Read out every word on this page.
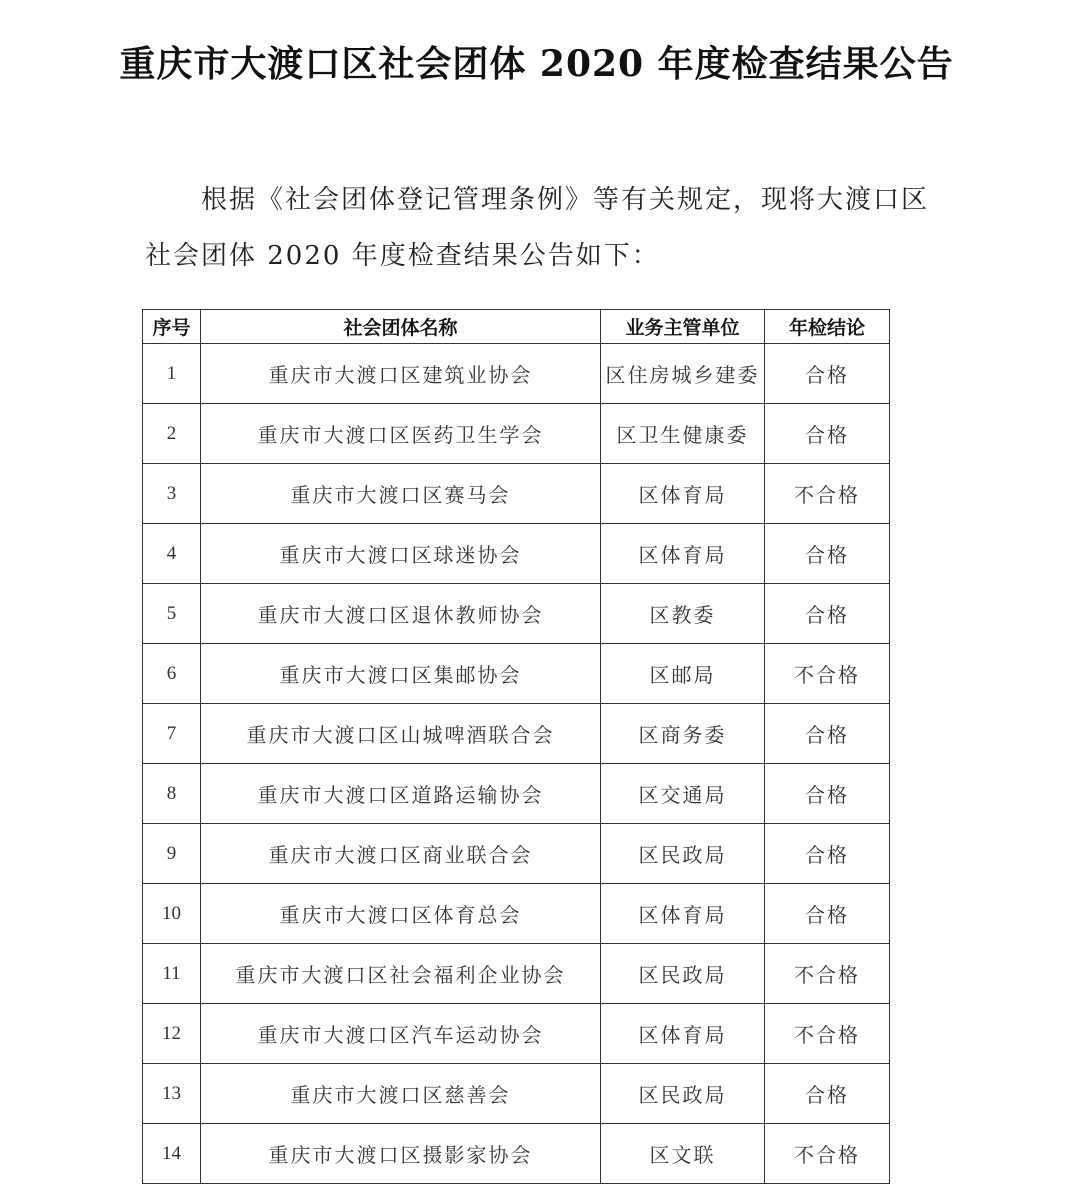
重庆市大渡口区社会团体 2020 年度检查结果公告

根据《社会团体登记管理条例》等有关规定，现将大渡口区社会团体 2020 年度检查结果公告如下：

序号	社会团体名称	业务主管单位	年检结论
1	重庆市大渡口区建筑业协会	区住房城乡建委	合格
2	重庆市大渡口区医药卫生学会	区卫生健康委	合格
3	重庆市大渡口区赛马会	区体育局	不合格
4	重庆市大渡口区球迷协会	区体育局	合格
5	重庆市大渡口区退休教师协会	区教委	合格
6	重庆市大渡口区集邮协会	区邮局	不合格
7	重庆市大渡口区山城啤酒联合会	区商务委	合格
8	重庆市大渡口区道路运输协会	区交通局	合格
9	重庆市大渡口区商业联合会	区民政局	合格
10	重庆市大渡口区体育总会	区体育局	合格
11	重庆市大渡口区社会福利企业协会	区民政局	不合格
12	重庆市大渡口区汽车运动协会	区体育局	不合格
13	重庆市大渡口区慈善会	区民政局	合格
14	重庆市大渡口区摄影家协会	区文联	不合格
